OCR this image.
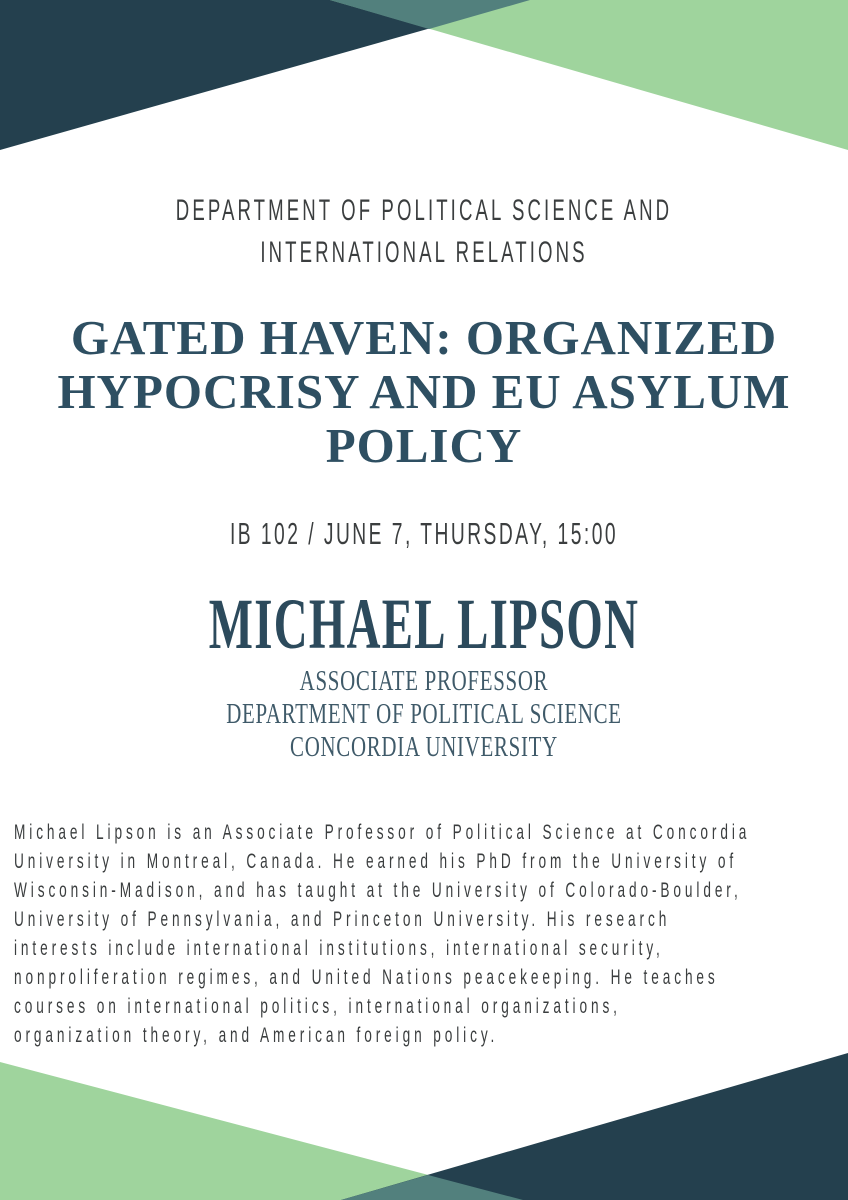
DEPARTMENT OF POLITICAL SCIENCE AND
INTERNATIONAL RELATIONS
GATED HAVEN: ORGANIZED
HYPOCRISY AND EU ASYLUM
POLICY
IB 102 / JUNE 7, THURSDAY, 15:00
MICHAEL LIPSON
ASSOCIATE PROFESSOR
DEPARTMENT OF POLITICAL SCIENCE
CONCORDIA UNIVERSITY
Michael Lipson is an Associate Professor of Political Science at Concordia
University in Montreal, Canada. He earned his PhD from the University of
Wisconsin-Madison, and has taught at the University of Colorado-Boulder,
University of Pennsylvania, and Princeton University. His research
interests include international institutions, international security,
nonproliferation regimes, and United Nations peacekeeping. He teaches
courses on international politics, international organizations,
organization theory, and American foreign policy.
